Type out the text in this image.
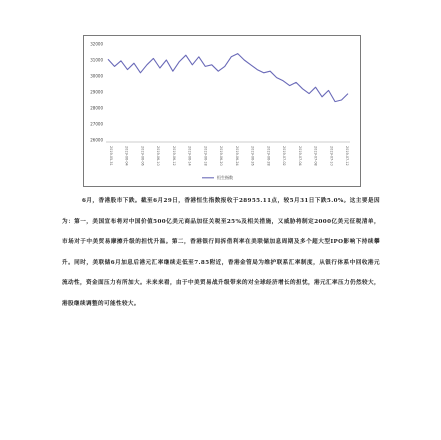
32000
31000
30000
29000
28000
27000
26000
2019-05-31	2019-06-04	2019-06-06	2019-06-10	2019-06-12	2019-06-14	2019-06-18	2019-06-20	2019-06-24	2019-06-26	2019-06-28	2019-07-02	2019-07-04	2019-07-08	2019-07-10	2019-07-12
恒生指数

6月，香港股市下跌。截至6月29日，香港恒生指数报收于28955.11点，较5月31日下跌5.0%。这主要是因为：第一，美国宣布将对中国价值500亿美元商品加征关税至25%及相关措施，又威胁将制定2000亿美元征税清单，市场对于中美贸易摩擦升级的担忧升温。第二，香港银行间拆借利率在美联储加息周期及多个超大型IPO影响下持续攀升。同时，美联储6月加息后港元汇率继续走低至7.85附近，香港金管局为维护联系汇率制度，从银行体系中回收港元流动性，资金面压力有所加大。未来来看，由于中美贸易战升级带来的对全球经济增长的担忧，港元汇率压力仍然较大，港股继续调整的可能性较大。
